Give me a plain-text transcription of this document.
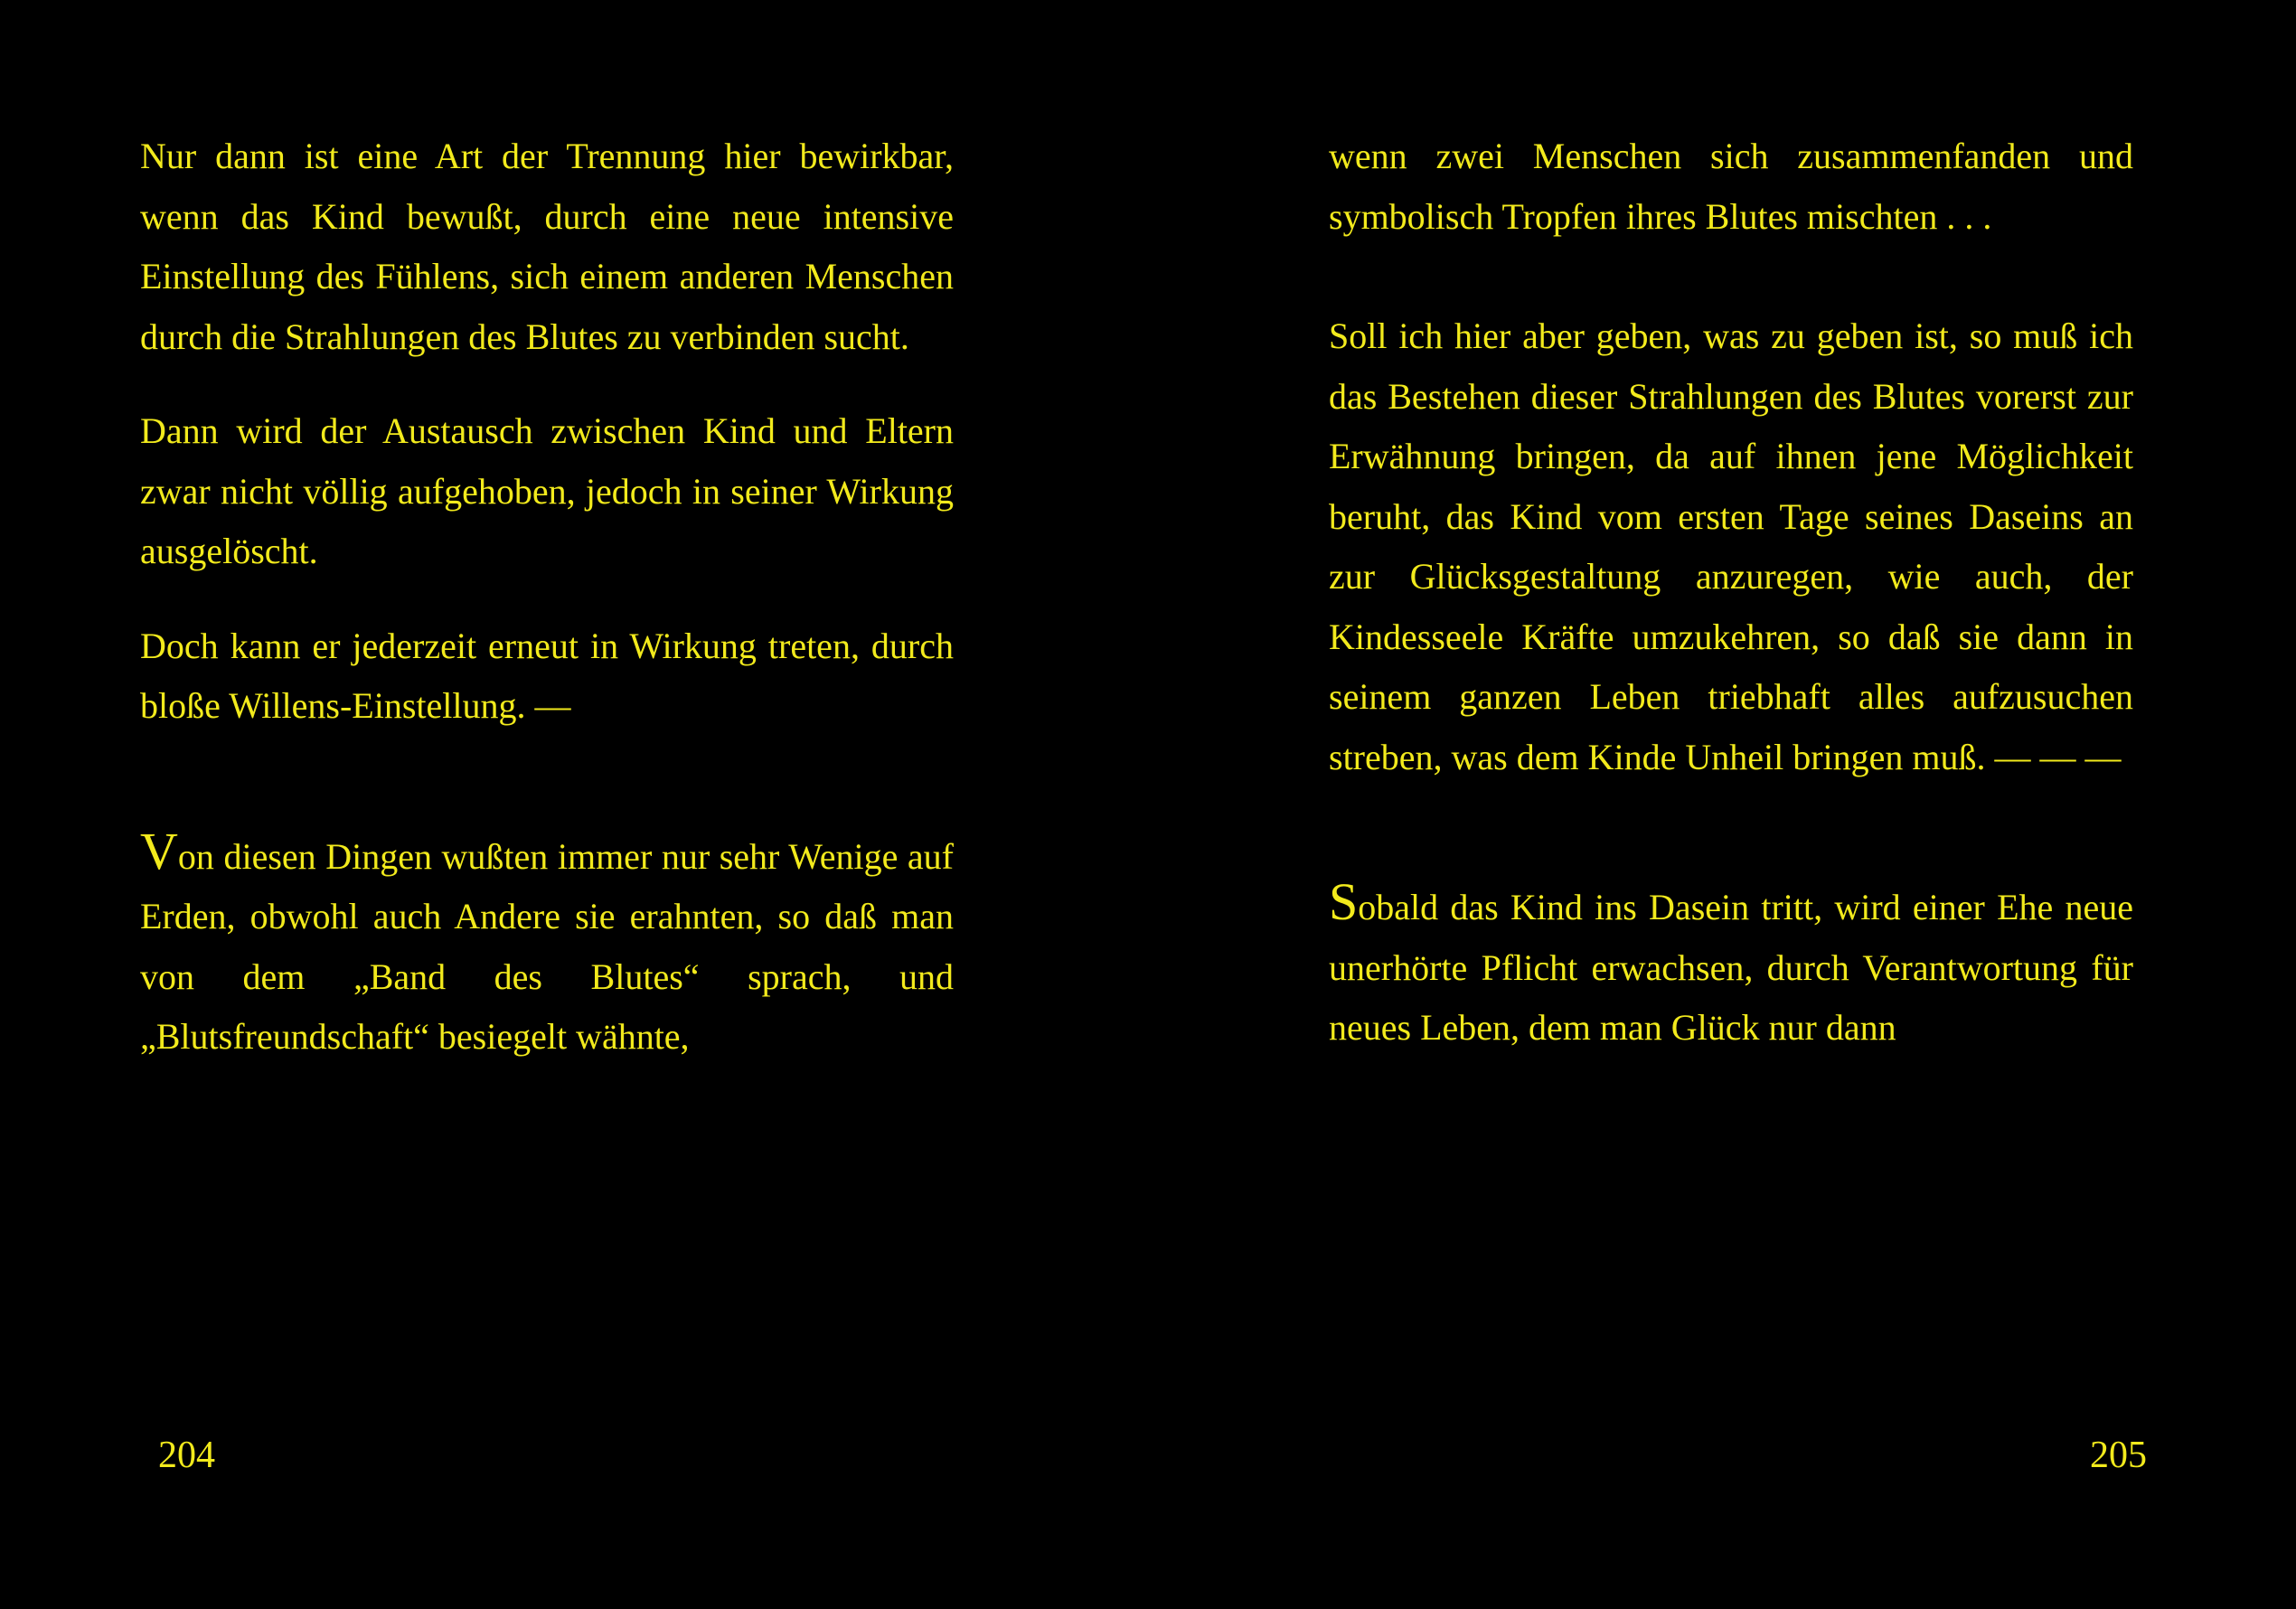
Nur dann ist eine Art der Trennung hier bewirkbar, wenn das Kind bewußt, durch eine neue intensive Einstellung des Fühlens, sich einem anderen Menschen durch die Strahlungen des Blutes zu verbinden sucht.

Dann wird der Austausch zwischen Kind und Eltern zwar nicht völlig aufgehoben, jedoch in seiner Wirkung ausgelöscht.

Doch kann er jederzeit erneut in Wirkung treten, durch bloße Willens-Einstellung. —

Von diesen Dingen wußten immer nur sehr Wenige auf Erden, obwohl auch Andere sie erahnten, so daß man von dem „Band des Blutes“ sprach, und „Blutsfreundschaft“ besiegelt wähnte,

204

wenn zwei Menschen sich zusammenfanden und symbolisch Tropfen ihres Blutes mischten . . .

Soll ich hier aber geben, was zu geben ist, so muß ich das Bestehen dieser Strahlungen des Blutes vorerst zur Erwähnung bringen, da auf ihnen jene Möglichkeit beruht, das Kind vom ersten Tage seines Daseins an zur Glücksgestaltung anzuregen, wie auch, der Kindesseele Kräfte umzukehren, so daß sie dann in seinem ganzen Leben triebhaft alles aufzusuchen streben, was dem Kinde Unheil bringen muß. — — —

Sobald das Kind ins Dasein tritt, wird einer Ehe neue unerhörte Pflicht erwachsen, durch Verantwortung für neues Leben, dem man Glück nur dann

205
